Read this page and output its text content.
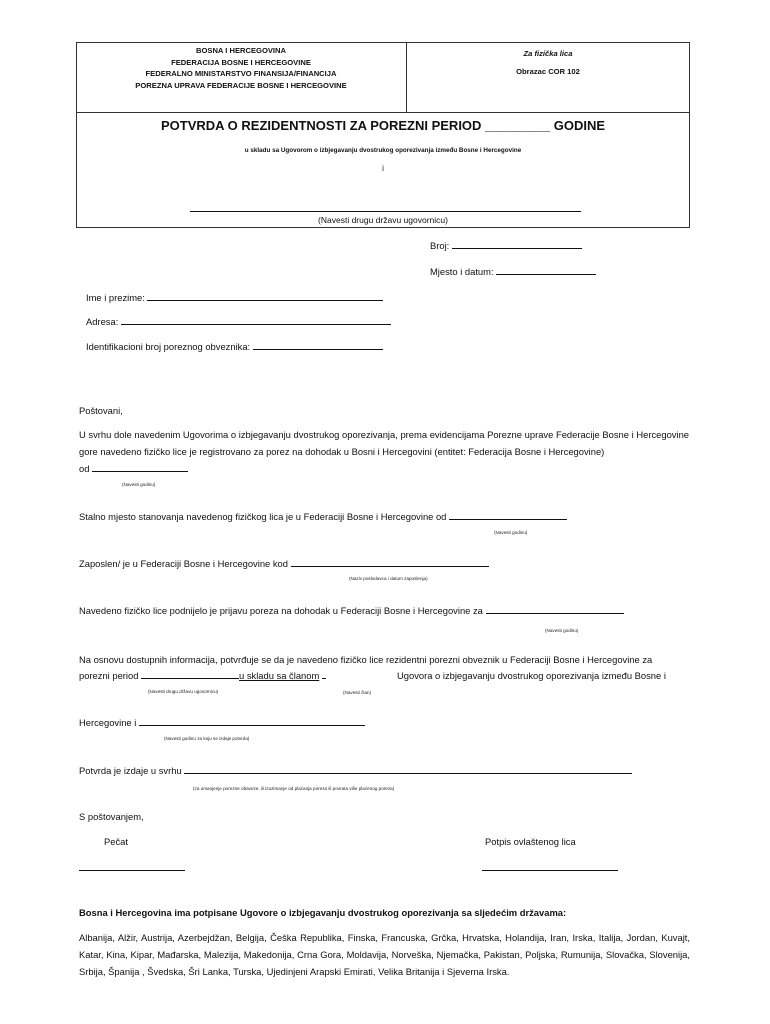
BOSNA I HERCEGOVINA
FEDERACIJA BOSNE I HERCEGOVINE
FEDERALNO MINISTARSTVO FINANSIJA/FINANCIJA
POREZNA UPRAVA FEDERACIJE BOSNE I HERCEGOVINE
Za fizička lica
Obrazac COR 102
POTVRDA O REZIDENTNOSTI ZA POREZNI PERIOD _________ GODINE
u skladu sa Ugovorom o izbjegavanju dvostrukog oporezivanja između Bosne i Hercegovine
i
(Navesti drugu državu ugovornicu)
Broj:
Mjesto i datum:
Ime i prezime:
Adresa:
Identifikacioni broj poreznog obveznika:
Poštovani,
U svrhu dole navedenim Ugovorima o izbjegavanju dvostrukog oporezivanja, prema evidencijama Porezne uprave Federacije Bosne i Hercegovine gore navedeno fizičko lice je registrovano za porez na dohodak u Bosni i Hercegovini (entitet: Federacija Bosne i Hercegovine)
od
(Navesti godinu)
Stalno mjesto stanovanja navedenog fizičkog lica je u Federaciji Bosne i Hercegovine od
(Navesti godinu)
Zaposlen/ je u Federaciji Bosne i Hercegovine kod
(Naziv poslodavca i datum zaposlenja)
Navedeno fizičko lice podnijelo je prijavu poreza na dohodak u Federaciji Bosne i Hercegovine za
(Navesti godinu)
Na osnovu dostupnih informacija, potvrđuje se da je navedeno fizičko lice rezidentni porezni obveznik u Federaciji Bosne i Hercegovine za
porezni period	u skladu sa članom	Ugovora o izbjegavanju dvostrukog oporezivanja između Bosne i
(Navesti drugu državu ugovornicu)	(Navesti član)
Hercegovine i
(Navesti godinu za koju se izdaje potvrda)
Potvrda je izdaje u svrhu
(za umanjenje porezne obaveze, ili izuzimanje od plaćanja poreza ili povrata više plaćenog poreza)
S poštovanjem,
Pečat	Potpis ovlaštenog lica
Bosna i Hercegovina ima potpisane Ugovore o izbjegavanju dvostrukog oporezivanja sa sljedećim državama:
Albanija, Alžir, Austrija, Azerbejdžan, Belgija, Češka Republika, Finska, Francuska, Grčka, Hrvatska, Holandija, Iran, Irska, Italija, Jordan, Kuvajt, Katar, Kina, Kipar, Mađarska, Malezija, Makedonija, Crna Gora, Moldavija, Norveška, Njemačka, Pakistan, Poljska, Rumunija, Slovačka, Slovenija, Srbija, Španija , Švedska, Šri Lanka, Turska, Ujedinjeni Arapski Emirati, Velika Britanija i Sjeverna Irska.
